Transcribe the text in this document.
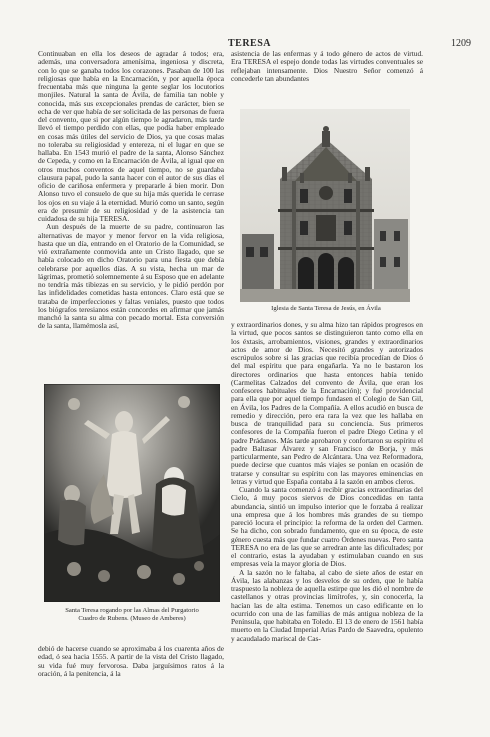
TERESA	1209

Continuaban en ella los deseos de agradar á todos; era, además, una conversadora amenísima, ingeniosa y discreta, con lo que se ganaba todos los corazones. Pasaban de 100 las religiosas que había en la Encarnación, y por aquella época frecuentaba más que ninguna la gente seglar los locutorios monjiles. Natural la santa de Ávila, de familia tan noble y conocida, más sus excepcionales prendas de carácter, bien se echa de ver que había de ser solicitada de las personas de fuera del convento, que si por algún tiempo le agradaron, más tarde llevó el tiempo perdido con ellas, que podía haber empleado en cosas más útiles del servicio de Dios, ya que cosas malas no toleraba su religiosidad y entereza, ni el lugar en que se hallaba. En 1543 murió el padre de la santa, Alonso Sánchez de Cepeda, y como en la Encarnación de Ávila, al igual que en otros muchos conventos de aquel tiempo, no se guardaba clausura papal, pudo la santa hacer con el autor de sus días el oficio de cariñosa enfermera y prepararle á bien morir. Don Alonso tuvo el consuelo de que su hija más querida le cerrase los ojos en su viaje á la eternidad. Murió como un santo, según era de presumir de su religiosidad y de la asistencia tan cuidadosa de su hija TERESA.

Aun después de la muerte de su padre, continuaron las alternativas de mayor y menor fervor en la vida religiosa, hasta que un día, entrando en el Oratorio de la Comunidad, se vió extrañamente conmovida ante un Cristo llagado, que se había colocado en dicho Oratorio para una fiesta que debía celebrarse por aquellos días. A su vista, hecha un mar de lágrimas, prometió solemnemente á su Esposo que en adelante no tendría más tibiezas en su servicio, y le pidió perdón por las infidelidades cometidas hasta entonces. Claro está que se trataba de imperfecciones y faltas veniales, puesto que todos los biógrafos teresianos están concordes en afirmar que jamás manchó la santa su alma con pecado mortal. Esta conversión de la santa, llamémosla así,

Iglesia de Santa Teresa de Jesús, en Ávila

asistencia de las enfermas y á todo género de actos de virtud. Era TERESA el espejo donde todas las virtudes conventuales se reflejaban intensamente. Dios Nuestro Señor comenzó á concederle tan abundantes

Santa Teresa rogando por las Almas del Purgatorio
Cuadro de Rubens. (Museo de Amberes)

debió de hacerse cuando se aproximaba á los cuarenta años de edad, ó sea hacia 1555. A partir de la vista del Cristo llagado, su vida fué muy fervorosa. Daba jarguísimos ratos á la oración, á la penitencia, á la

y extraordinarios dones, y su alma hizo tan rápidos progresos en la virtud, que pocos santos se distinguieron tanto como ella en los éxtasis, arrobamientos, visiones, grandes y extraordinarios actos de amor de Dios. Necesitó grandes y autorizados escrúpulos sobre si las gracias que recibía procedían de Dios ó del mal espíritu que para engañarla. Ya no le bastaron los directores ordinarios que hasta entonces había tenido (Carmelitas Calzados del convento de Ávila, que eran los confesores habituales de la Encarnación); y fué providencial para ella que por aquel tiempo fundasen el Colegio de San Gil, en Ávila, los Padres de la Compañía. A ellos acudió en busca de remedio y dirección, pero era rara la vez que les hallaba en busca de tranquilidad para su conciencia. Sus primeros confesores de la Compañía fueron el padre Diego Cetina y el padre Prádanos. Más tarde aprobaron y confortaron su espíritu el padre Baltasar Álvarez y san Francisco de Borja, y más particularmente, san Pedro de Alcántara. Una vez Reformadora, puede decirse que cuantos más viajes se ponían en ocasión de tratarse y consultar su espíritu con las mayores eminencias en letras y virtud que España contaba á la sazón en ambos cleros.

Cuando la santa comenzó á recibir gracias extraordinarias del Cielo, á muy pocos siervos de Dios concedidas en tanta abundancia, sintió un impulso interior que le forzaba á realizar una empresa que á los hombres más grandes de su tiempo pareció locura el principio: la reforma de la orden del Carmen. Se ha dicho, con sobrado fundamento, que en su época, de este género cuesta más que fundar cuatro Órdenes nuevas. Pero santa TERESA no era de las que se arredran ante las dificultades; por el contrario, estas la ayudaban y estimulaban cuando en sus empresas veía la mayor gloria de Dios.

A la sazón no le faltaba, al cabo de siete años de estar en Ávila, las alabanzas y los desvelos de su orden, que le había traspuesto la nobleza de aquella estirpe que les dió el nombre de castellanos y otras provincias limítrofes, y, sin conocerla, la hacían las de alta estima. Tenemos un caso edificante en lo ocurrido con una de las familias de más antigua nobleza de la Península, que habitaba en Toledo. El 13 de enero de 1561 había muerto en la Ciudad Imperial Arias Pardo de Saavedra, opulento y acaudalado mariscal de Cas-
